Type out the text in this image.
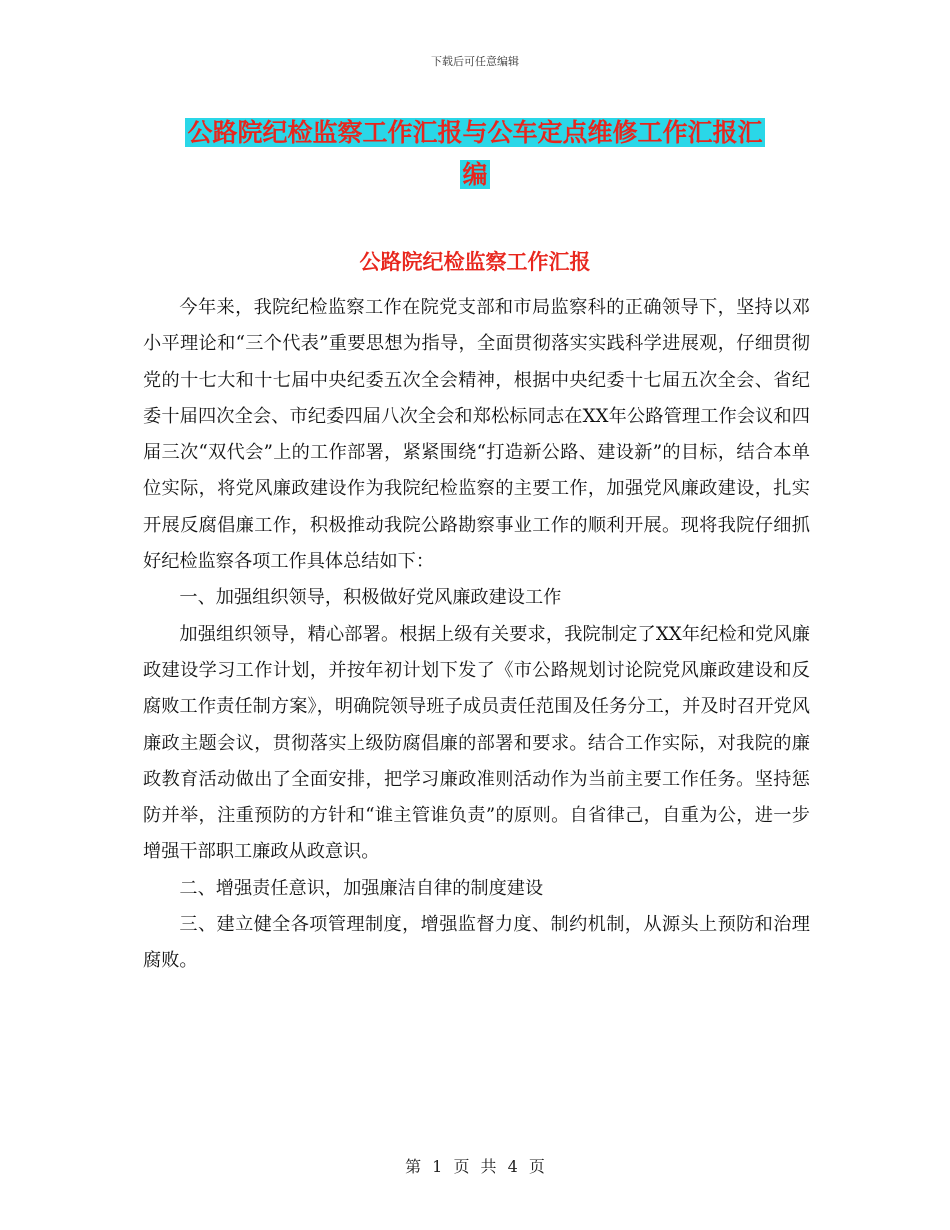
下载后可任意编辑
公路院纪检监察工作汇报与公车定点维修工作汇报汇
编
公路院纪检监察工作汇报

今年来，我院纪检监察工作在院党支部和市局监察科的正确领导下，坚持以邓小平理论和“三个代表”重要思想为指导，全面贯彻落实实践科学进展观，仔细贯彻党的十七大和十七届中央纪委五次全会精神，根据中央纪委十七届五次全会、省纪委十届四次全会、市纪委四届八次全会和郑松标同志在XX年公路管理工作会议和四届三次“双代会”上的工作部署，紧紧围绕“打造新公路、建设新”的目标，结合本单位实际，将党风廉政建设作为我院纪检监察的主要工作，加强党风廉政建设，扎实开展反腐倡廉工作，积极推动我院公路勘察事业工作的顺利开展。现将我院仔细抓好纪检监察各项工作具体总结如下：

一、加强组织领导，积极做好党风廉政建设工作

加强组织领导，精心部署。根据上级有关要求，我院制定了XX年纪检和党风廉政建设学习工作计划，并按年初计划下发了《市公路规划讨论院党风廉政建设和反腐败工作责任制方案》，明确院领导班子成员责任范围及任务分工，并及时召开党风廉政主题会议，贯彻落实上级防腐倡廉的部署和要求。结合工作实际，对我院的廉政教育活动做出了全面安排，把学习廉政准则活动作为当前主要工作任务。坚持惩防并举，注重预防的方针和“谁主管谁负责”的原则。自省律己，自重为公，进一步增强干部职工廉政从政意识。

二、增强责任意识，加强廉洁自律的制度建设

三、建立健全各项管理制度，增强监督力度、制约机制，从源头上预防和治理腐败。

第 1 页 共 4 页
